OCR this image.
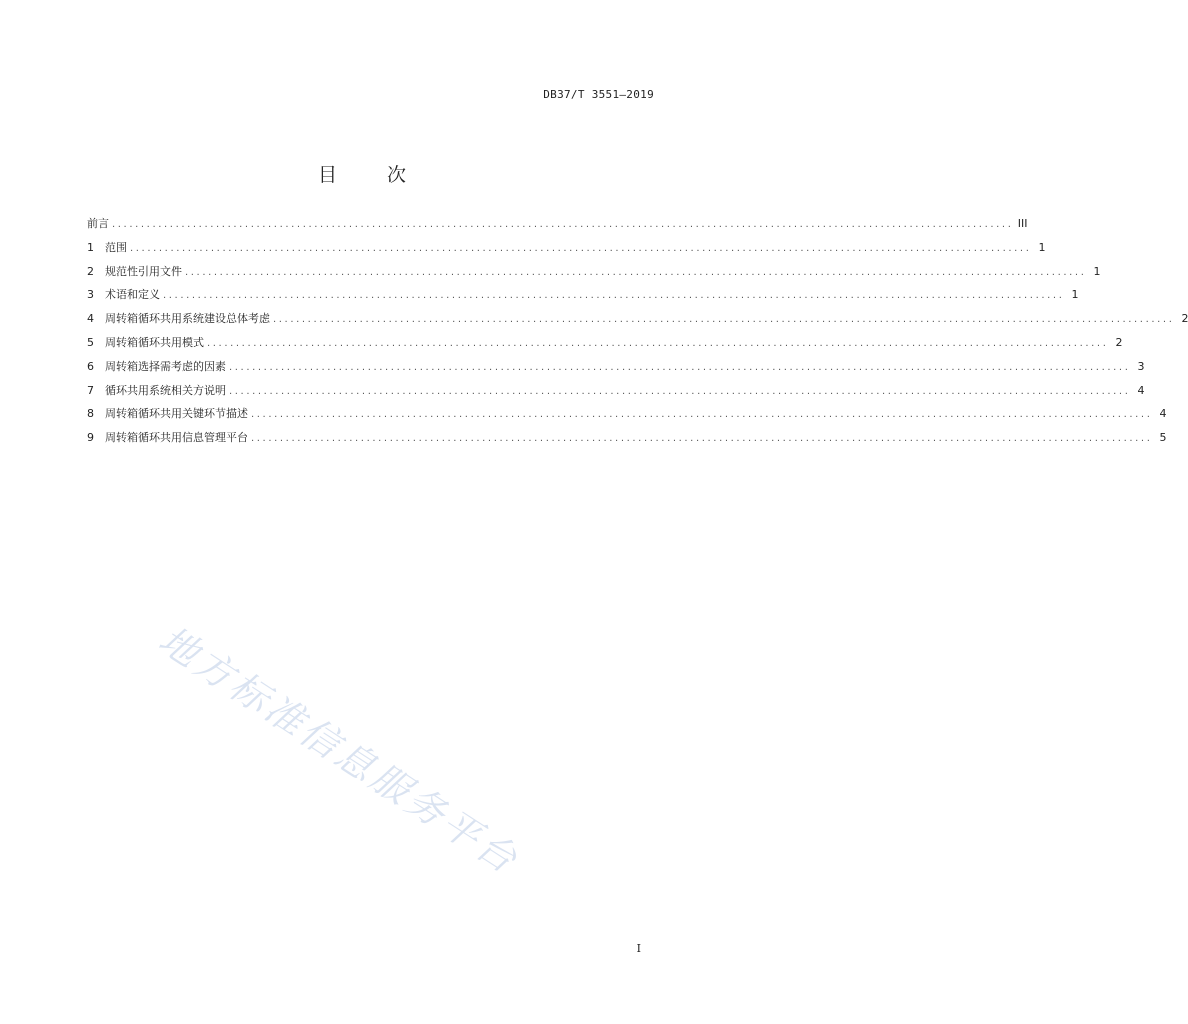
DB37/T 3551—2019
目 次
前言 ............................................................................................................................................................ III
1	范围 ............................................................................................................................................................ 1
2	规范性引用文件 ............................................................................................................................................................ 1
3	术语和定义 ............................................................................................................................................................ 1
4	周转箱循环共用系统建设总体考虑 ............................................................................................................................................................ 2
5	周转箱循环共用模式 ............................................................................................................................................................ 2
6	周转箱选择需考虑的因素 ............................................................................................................................................................ 3
7	循环共用系统相关方说明 ............................................................................................................................................................ 4
8	周转箱循环共用关键环节描述 ............................................................................................................................................................ 4
9	周转箱循环共用信息管理平台 ............................................................................................................................................................ 5
地方标准信息服务平台
I
